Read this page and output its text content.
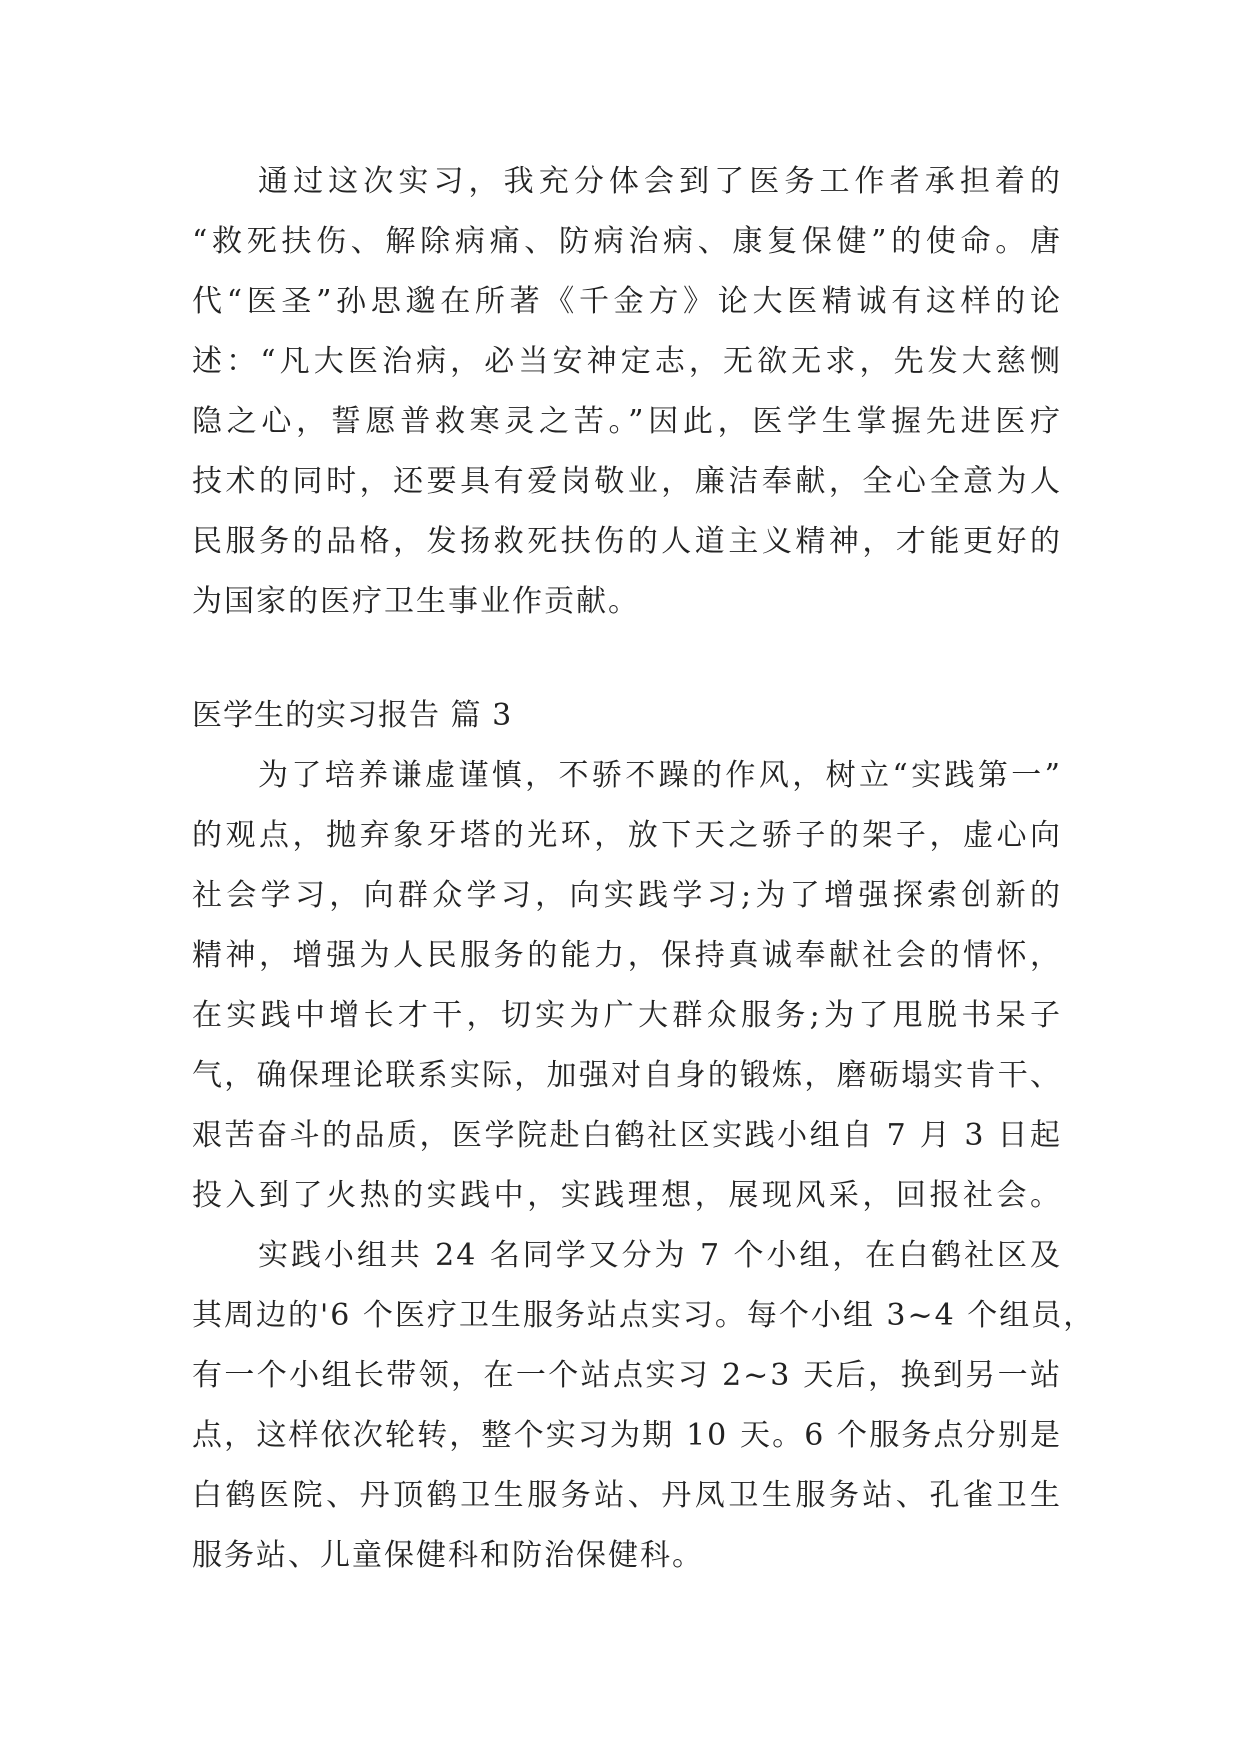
通过这次实习，我充分体会到了医务工作者承担着的
“救死扶伤、解除病痛、防病治病、康复保健”的使命。唐
代“医圣”孙思邈在所著《千金方》论大医精诚有这样的论
述：“凡大医治病，必当安神定志，无欲无求，先发大慈恻
隐之心，誓愿普救寒灵之苦。”因此，医学生掌握先进医疗
技术的同时，还要具有爱岗敬业，廉洁奉献，全心全意为人
民服务的品格，发扬救死扶伤的人道主义精神，才能更好的
为国家的医疗卫生事业作贡献。
医学生的实习报告 篇 3
为了培养谦虚谨慎，不骄不躁的作风，树立“实践第一”
的观点，抛弃象牙塔的光环，放下天之骄子的架子，虚心向
社会学习，向群众学习，向实践学习;为了增强探索创新的
精神，增强为人民服务的能力，保持真诚奉献社会的情怀，
在实践中增长才干，切实为广大群众服务;为了甩脱书呆子
气，确保理论联系实际，加强对自身的锻炼，磨砺塌实肯干、
艰苦奋斗的品质，医学院赴白鹤社区实践小组自 7 月 3 日起
投入到了火热的实践中，实践理想，展现风采，回报社会。
实践小组共 24 名同学又分为 7 个小组，在白鹤社区及
其周边的'6 个医疗卫生服务站点实习。每个小组 3~4 个组员，
有一个小组长带领，在一个站点实习 2~3 天后，换到另一站
点，这样依次轮转，整个实习为期 10 天。6 个服务点分别是
白鹤医院、丹顶鹤卫生服务站、丹凤卫生服务站、孔雀卫生
服务站、儿童保健科和防治保健科。
